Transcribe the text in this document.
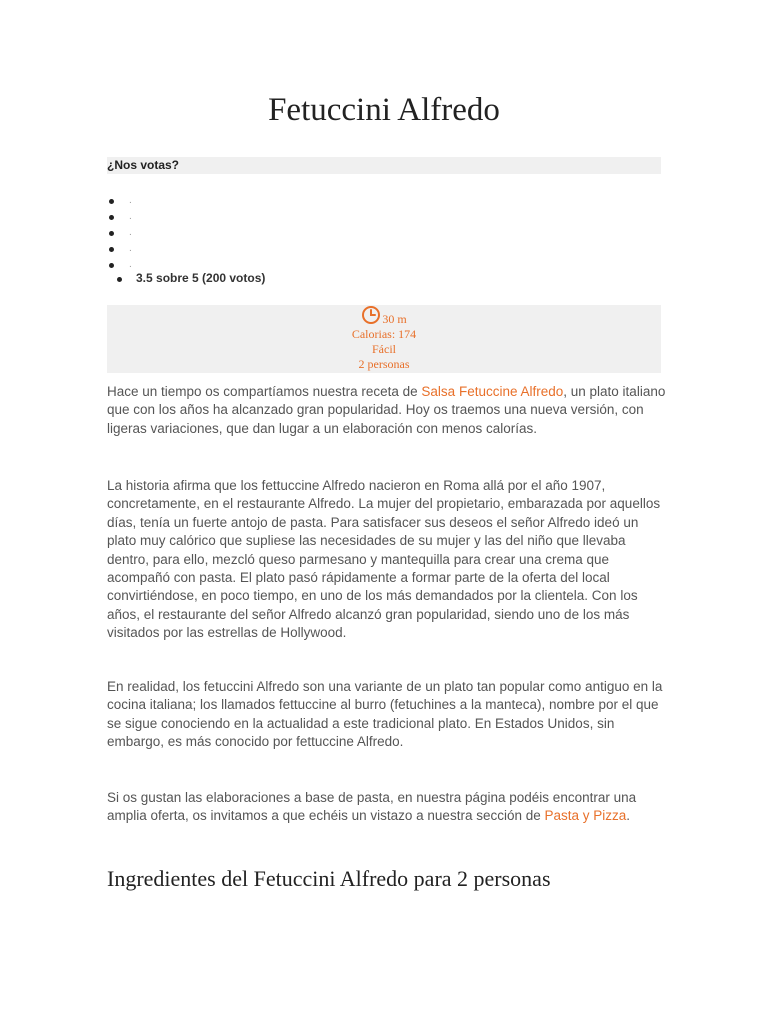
Fetuccini Alfredo
¿Nos votas?
.
.
.
.
.
3.5 sobre 5 (200 votos)
30 m
Calorias: 174
Fácil
2 personas

Hace un tiempo os compartíamos nuestra receta de Salsa Fetuccine Alfredo, un plato italiano que con los años ha alcanzado gran popularidad. Hoy os traemos una nueva versión, con ligeras variaciones, que dan lugar a un elaboración con menos calorías.

La historia afirma que los fettuccine Alfredo nacieron en Roma allá por el año 1907, concretamente, en el restaurante Alfredo. La mujer del propietario, embarazada por aquellos días, tenía un fuerte antojo de pasta. Para satisfacer sus deseos el señor Alfredo ideó un plato muy calórico que supliese las necesidades de su mujer y las del niño que llevaba dentro, para ello, mezcló queso parmesano y mantequilla para crear una crema que acompañó con pasta. El plato pasó rápidamente a formar parte de la oferta del local convirtiéndose, en poco tiempo, en uno de los más demandados por la clientela. Con los años, el restaurante del señor Alfredo alcanzó gran popularidad, siendo uno de los más visitados por las estrellas de Hollywood.

En realidad, los fetuccini Alfredo son una variante de un plato tan popular como antiguo en la cocina italiana; los llamados fettuccine al burro (fetuchines a la manteca), nombre por el que se sigue conociendo en la actualidad a este tradicional plato. En Estados Unidos, sin embargo, es más conocido por fettuccine Alfredo.

Si os gustan las elaboraciones a base de pasta, en nuestra página podéis encontrar una amplia oferta, os invitamos a que echéis un vistazo a nuestra sección de Pasta y Pizza.

Ingredientes del Fetuccini Alfredo para 2 personas
